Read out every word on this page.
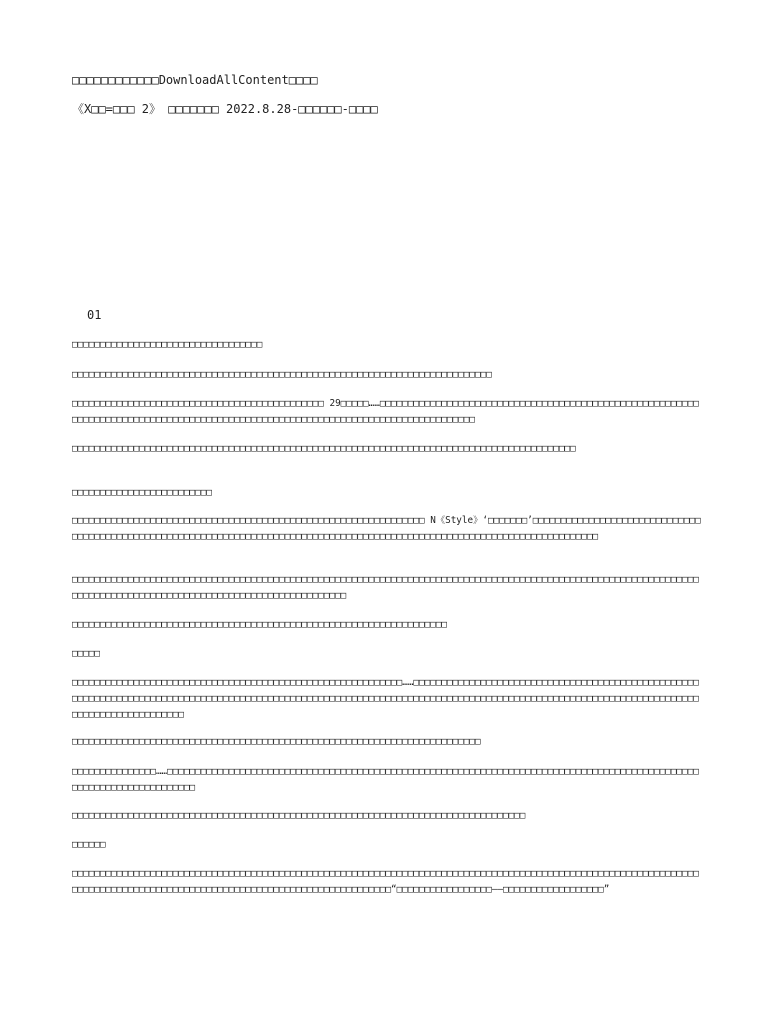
□□□□□□□□□□□□DownloadAllContent□□□□
《X□□=□□□ 2》 □□□□□□□ 2022.8.28-□□□□□□-□□□□
01
□□□□□□□□□□□□□□□□□□□□□□□□□□□□□□□□□□
□□□□□□□□□□□□□□□□□□□□□□□□□□□□□□□□□□□□□□□□□□□□□□□□□□□□□□□□□□□□□□□□□□□□□□□□□□□
□□□□□□□□□□□□□□□□□□□□□□□□□□□□□□□□□□□□□□□□□□□□□ 29□□□□□……□□□□□□□□□□□□□□□□□□□□□□□□□□□□□□□□□□□□□□□□□□□□□□□□□□□□□□□□□□□□□□□□□□□□□□□□□□□□□□□□□□□□□□□□□□□□□□□□□□□□□□□□□□□□□□□□□□□□□□□□□□□□□□□□□
□□□□□□□□□□□□□□□□□□□□□□□□□□□□□□□□□□□□□□□□□□□□□□□□□□□□□□□□□□□□□□□□□□□□□□□□□□□□□□□□□□□□□□□□□□
□□□□□□□□□□□□□□□□□□□□□□□□□
□□□□□□□□□□□□□□□□□□□□□□□□□□□□□□□□□□□□□□□□□□□□□□□□□□□□□□□□□□□□□□□ N《Style》‘□□□□□□□’□□□□□□□□□□□□□□□□□□□□□□□□□□□□□□□□□□□□□□□□□□□□□□□□□□□□□□□□□□□□□□□□□□□□□□□□□□□□□□□□□□□□□□□□□□□□□□□□□□□□□□□□□□□□□□□□□□□□□□□□□□□□
□□□□□□□□□□□□□□□□□□□□□□□□□□□□□□□□□□□□□□□□□□□□□□□□□□□□□□□□□□□□□□□□□□□□□□□□□□□□□□□□□□□□□□□□□□□□□□□□□□□□□□□□□□□□□□□□□□□□□□□□□□□□□□□□□□□□□□□□□□□□□□□□□□□□□□□□□□□□□□□□□
□□□□□□□□□□□□□□□□□□□□□□□□□□□□□□□□□□□□□□□□□□□□□□□□□□□□□□□□□□□□□□□□□□□
□□□□□
□□□□□□□□□□□□□□□□□□□□□□□□□□□□□□□□□□□□□□□□□□□□□□□□□□□□□□□□□□□……□□□□□□□□□□□□□□□□□□□□□□□□□□□□□□□□□□□□□□□□□□□□□□□□□□□□□□□□□□□□□□□□□□□□□□□□□□□□□□□□□□□□□□□□□□□□□□□□□□□□□□□□□□□□□□□□□□□□□□□□□□□□□□□□□□□□□□□□□□□□□□□□□□□□□□□□□□□□□□□□□□□□□□□□□□□□□□□□□□□□□□□
□□□□□□□□□□□□□□□□□□□□□□□□□□□□□□□□□□□□□□□□□□□□□□□□□□□□□□□□□□□□□□□□□□□□□□□□□
□□□□□□□□□□□□□□□……□□□□□□□□□□□□□□□□□□□□□□□□□□□□□□□□□□□□□□□□□□□□□□□□□□□□□□□□□□□□□□□□□□□□□□□□□□□□□□□□□□□□□□□□□□□□□□□□□□□□□□□□□□□□□□□□□□□□□
□□□□□□□□□□□□□□□□□□□□□□□□□□□□□□□□□□□□□□□□□□□□□□□□□□□□□□□□□□□□□□□□□□□□□□□□□□□□□□□□□
□□□□□□
□□□□□□□□□□□□□□□□□□□□□□□□□□□□□□□□□□□□□□□□□□□□□□□□□□□□□□□□□□□□□□□□□□□□□□□□□□□□□□□□□□□□□□□□□□□□□□□□□□□□□□□□□□□□□□□□□□□□□□□□□□□□□□□□□□□□□□□□□□□□□□□□□□□□□□□□□□□□□□□□□□□□□□□□□“□□□□□□□□□□□□□□□□□——□□□□□□□□□□□□□□□□□□”
